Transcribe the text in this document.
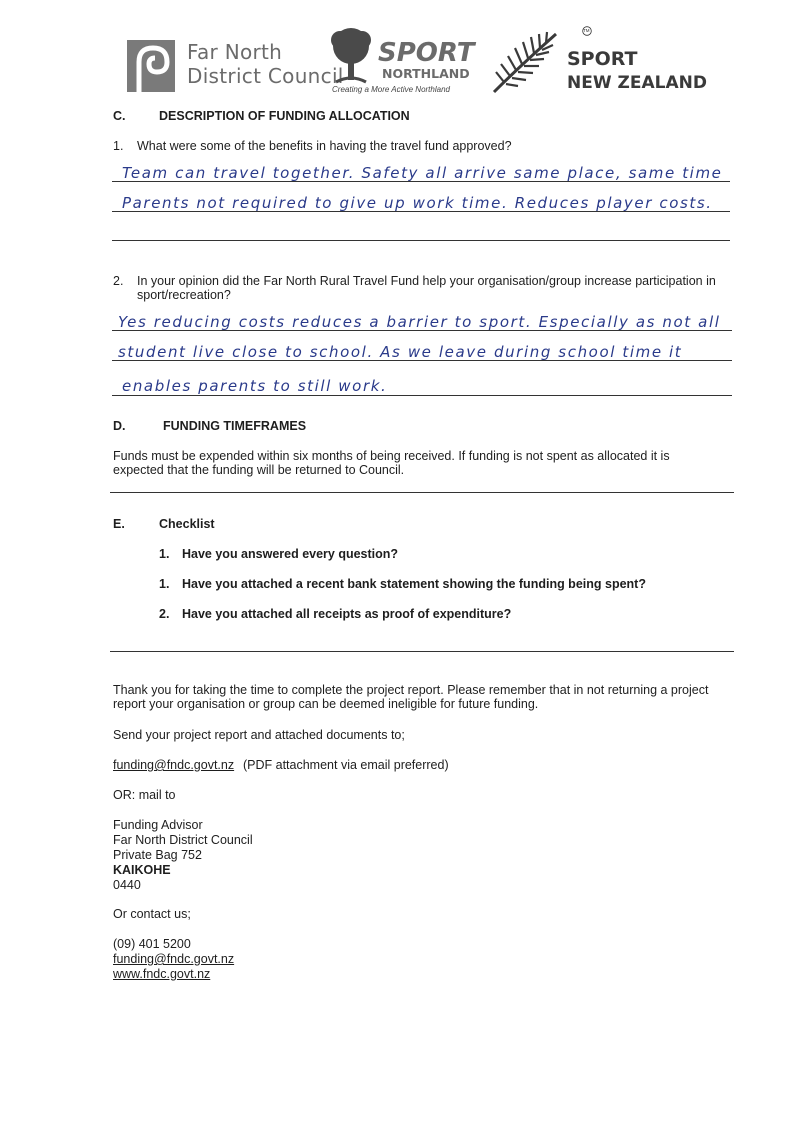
Far North
District Council
SPORT
NORTHLAND
Creating a More Active Northland
TM
SPORT
NEW ZEALAND
C.	DESCRIPTION OF FUNDING ALLOCATION
1. What were some of the benefits in having the travel fund approved?
Team can travel together. Safety all arrive same place, same time
Parents not required to give up work time. Reduces player costs.
2. In your opinion did the Far North Rural Travel Fund help your organisation/group increase participation in
sport/recreation?
Yes reducing costs reduces a barrier to sport. Especially as not all
student live close to school. As we leave during school time it
enables parents to still work.
D.	FUNDING TIMEFRAMES
Funds must be expended within six months of being received. If funding is not spent as allocated it is
expected that the funding will be returned to Council.
E.	Checklist
1. Have you answered every question?
1. Have you attached a recent bank statement showing the funding being spent?
2. Have you attached all receipts as proof of expenditure?
Thank you for taking the time to complete the project report. Please remember that in not returning a project
report your organisation or group can be deemed ineligible for future funding.
Send your project report and attached documents to;
funding@fndc.govt.nz (PDF attachment via email preferred)
OR: mail to
Funding Advisor
Far North District Council
Private Bag 752
KAIKOHE
0440
Or contact us;
(09) 401 5200
funding@fndc.govt.nz
www.fndc.govt.nz
